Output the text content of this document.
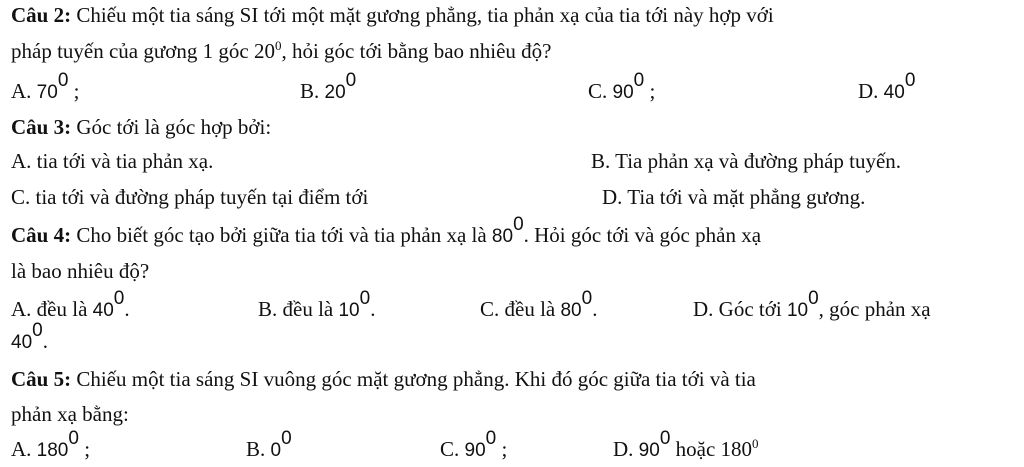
Câu 2: Chiếu một tia sáng SI tới một mặt gương phẳng, tia phản xạ của tia tới này hợp với
pháp tuyến của gương 1 góc $20^0$, hỏi góc tới bằng bao nhiêu độ?
A. $70^0$ ;	B. $20^0$	C. $90^0$ ;	D. $40^0$
Câu 3: Góc tới là góc hợp bởi:
A. tia tới và tia phản xạ.	B. Tia phản xạ và đường pháp tuyến.
C. tia tới và đường pháp tuyến tại điểm tới	D. Tia tới và mặt phẳng gương.
Câu 4: Cho biết góc tạo bởi giữa tia tới và tia phản xạ là $80^0$. Hỏi góc tới và góc phản xạ
là bao nhiêu độ?
A. đều là $40^0$.	B. đều là $10^0$.	C. đều là $80^0$.	D. Góc tới $10^0$, góc phản xạ
$40^0$.
Câu 5: Chiếu một tia sáng SI vuông góc mặt gương phẳng. Khi đó góc giữa tia tới và tia
phản xạ bằng:
A. $180^0$ ;	B. $0^0$	C. $90^0$ ;	D. $90^0$ hoặc $180^0$
